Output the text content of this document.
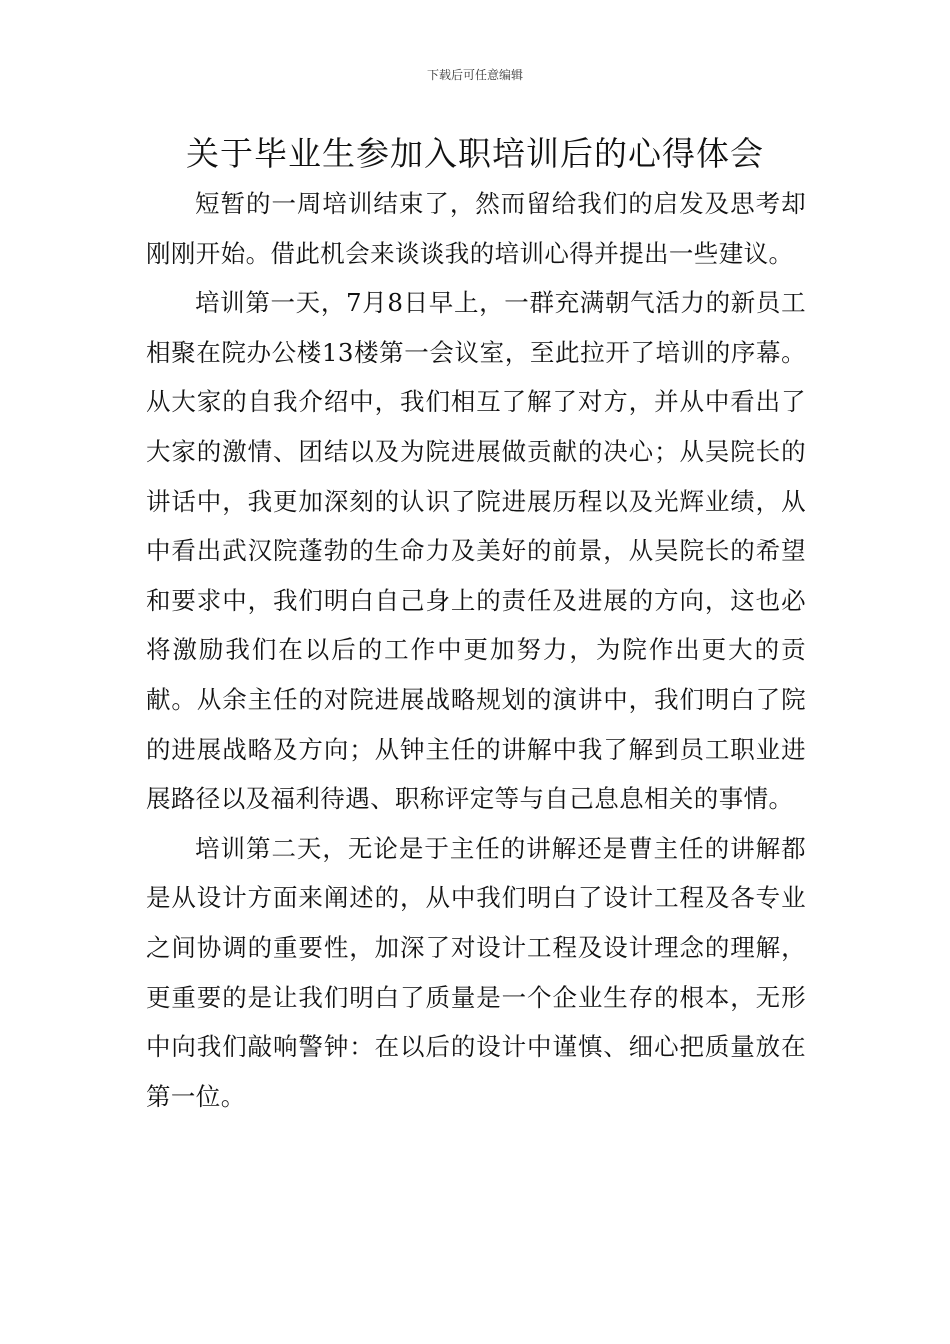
下载后可任意编辑
关于毕业生参加入职培训后的心得体会

短暂的一周培训结束了，然而留给我们的启发及思考却刚刚开始。借此机会来谈谈我的培训心得并提出一些建议。

培训第一天，7月8日早上，一群充满朝气活力的新员工相聚在院办公楼13楼第一会议室，至此拉开了培训的序幕。从大家的自我介绍中，我们相互了解了对方，并从中看出了大家的激情、团结以及为院进展做贡献的决心；从吴院长的讲话中，我更加深刻的认识了院进展历程以及光辉业绩，从中看出武汉院蓬勃的生命力及美好的前景，从吴院长的希望和要求中，我们明白自己身上的责任及进展的方向，这也必将激励我们在以后的工作中更加努力，为院作出更大的贡献。从余主任的对院进展战略规划的演讲中，我们明白了院的进展战略及方向；从钟主任的讲解中我了解到员工职业进展路径以及福利待遇、职称评定等与自己息息相关的事情。

培训第二天，无论是于主任的讲解还是曹主任的讲解都是从设计方面来阐述的，从中我们明白了设计工程及各专业之间协调的重要性，加深了对设计工程及设计理念的理解，更重要的是让我们明白了质量是一个企业生存的根本，无形中向我们敲响警钟：在以后的设计中谨慎、细心把质量放在第一位。
